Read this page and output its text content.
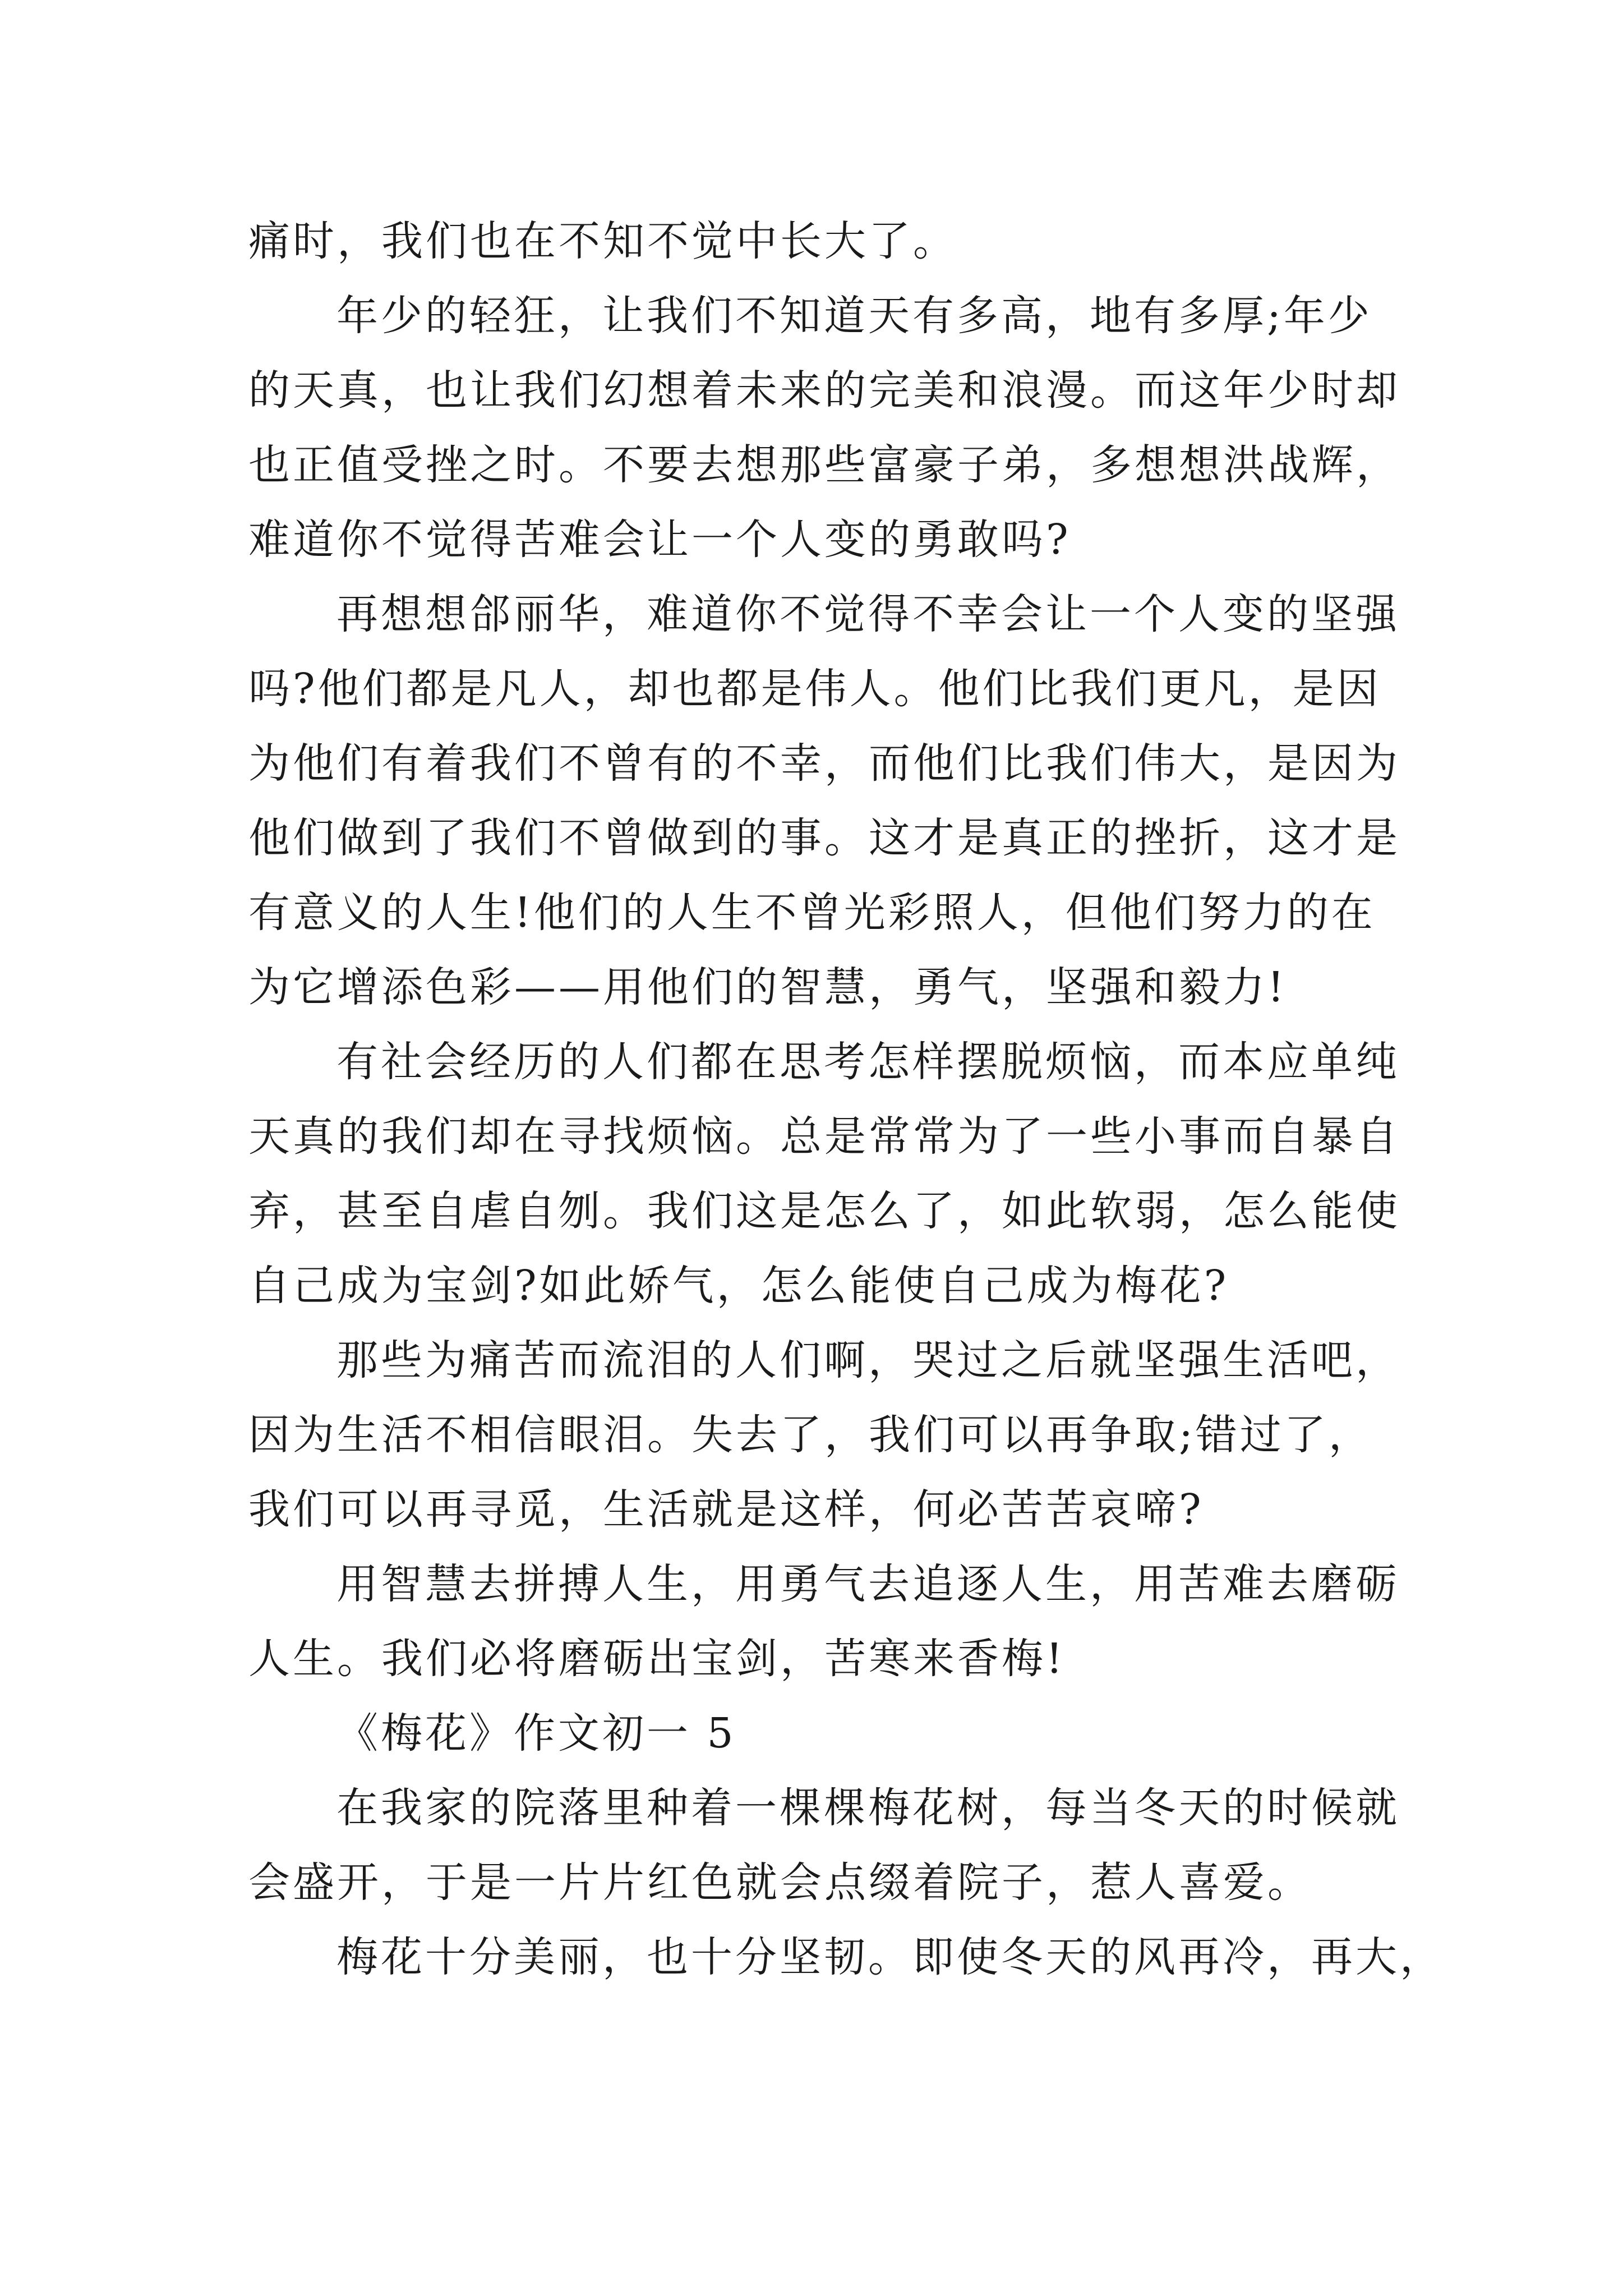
痛时，我们也在不知不觉中长大了。
年少的轻狂，让我们不知道天有多高，地有多厚;年少
的天真，也让我们幻想着未来的完美和浪漫。而这年少时却
也正值受挫之时。不要去想那些富豪子弟，多想想洪战辉，
难道你不觉得苦难会让一个人变的勇敢吗?
再想想郃丽华，难道你不觉得不幸会让一个人变的坚强
吗?他们都是凡人，却也都是伟人。他们比我们更凡，是因
为他们有着我们不曾有的不幸，而他们比我们伟大，是因为
他们做到了我们不曾做到的事。这才是真正的挫折，这才是
有意义的人生!他们的人生不曾光彩照人，但他们努力的在
为它增添色彩——用他们的智慧，勇气，坚强和毅力!
有社会经历的人们都在思考怎样摆脱烦恼，而本应单纯
天真的我们却在寻找烦恼。总是常常为了一些小事而自暴自
弃，甚至自虐自刎。我们这是怎么了，如此软弱，怎么能使
自己成为宝剑?如此娇气，怎么能使自己成为梅花?
那些为痛苦而流泪的人们啊，哭过之后就坚强生活吧，
因为生活不相信眼泪。失去了，我们可以再争取;错过了，
我们可以再寻觅，生活就是这样，何必苦苦哀啼?
用智慧去拼搏人生，用勇气去追逐人生，用苦难去磨砺
人生。我们必将磨砺出宝剑，苦寒来香梅!
《梅花》作文初一 5
在我家的院落里种着一棵棵梅花树，每当冬天的时候就
会盛开，于是一片片红色就会点缀着院子，惹人喜爱。
梅花十分美丽，也十分坚韧。即使冬天的风再冷，再大，
